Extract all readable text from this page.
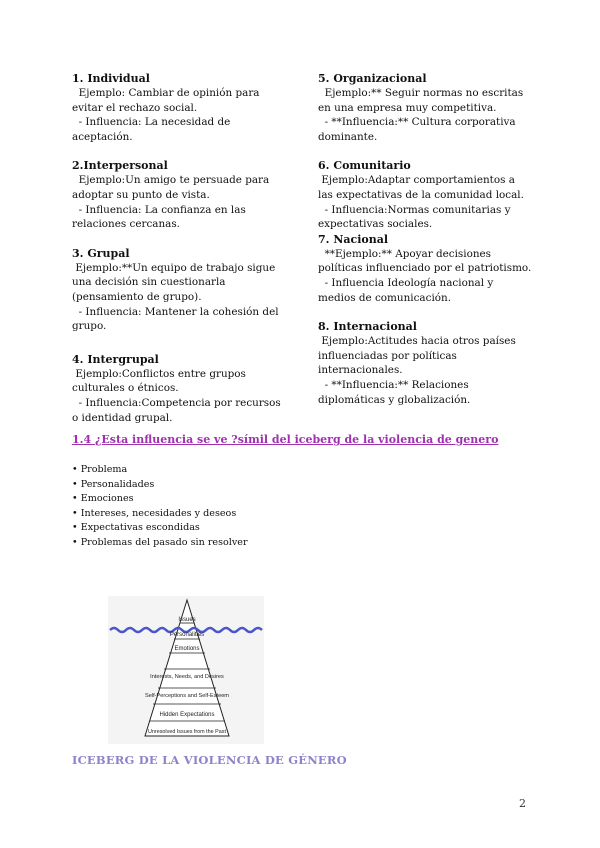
1. Individual

Ejemplo: Cambiar de opinión para evitar el rechazo social.

- Influencia: La necesidad de aceptación.

2.Interpersonal

Ejemplo:Un amigo te persuade para adoptar su punto de vista.

- Influencia: La confianza en las relaciones cercanas.

3. Grupal

Ejemplo:**Un equipo de trabajo sigue una decisión sin cuestionarla (pensamiento de grupo).

- Influencia: Mantener la cohesión del grupo.

4. Intergrupal

Ejemplo:Conflictos entre grupos culturales o étnicos.

- Influencia:Competencia por recursos o identidad grupal.

5. Organizacional

Ejemplo:** Seguir normas no escritas en una empresa muy competitiva.

- **Influencia:** Cultura corporativa dominante.

6. Comunitario

Ejemplo:Adaptar comportamientos a las expectativas de la comunidad local.

- Influencia:Normas comunitarias y expectativas sociales.

7. Nacional

**Ejemplo:** Apoyar decisiones políticas influenciado por el patriotismo.

- Influencia Ideología nacional y medios de comunicación.

8. Internacional

Ejemplo:Actitudes hacia otros países influenciadas por políticas internacionales.

- **Influencia:** Relaciones diplomáticas y globalización.

1.4 ¿Esta influencia se ve ?símil del iceberg de la violencia de genero
• Problema
• Personalidades
• Emociones
• Intereses, necesidades y deseos
• Expectativas escondidas
• Problemas del pasado sin resolver
Issues
Personalities
Emotions
Interests, Needs, and Desires
Self-Perceptions and Self-Esteem
Hidden Expectations
Unresolved Issues from the Past
ICEBERG DE LA VIOLENCIA DE GÉNERO
2
